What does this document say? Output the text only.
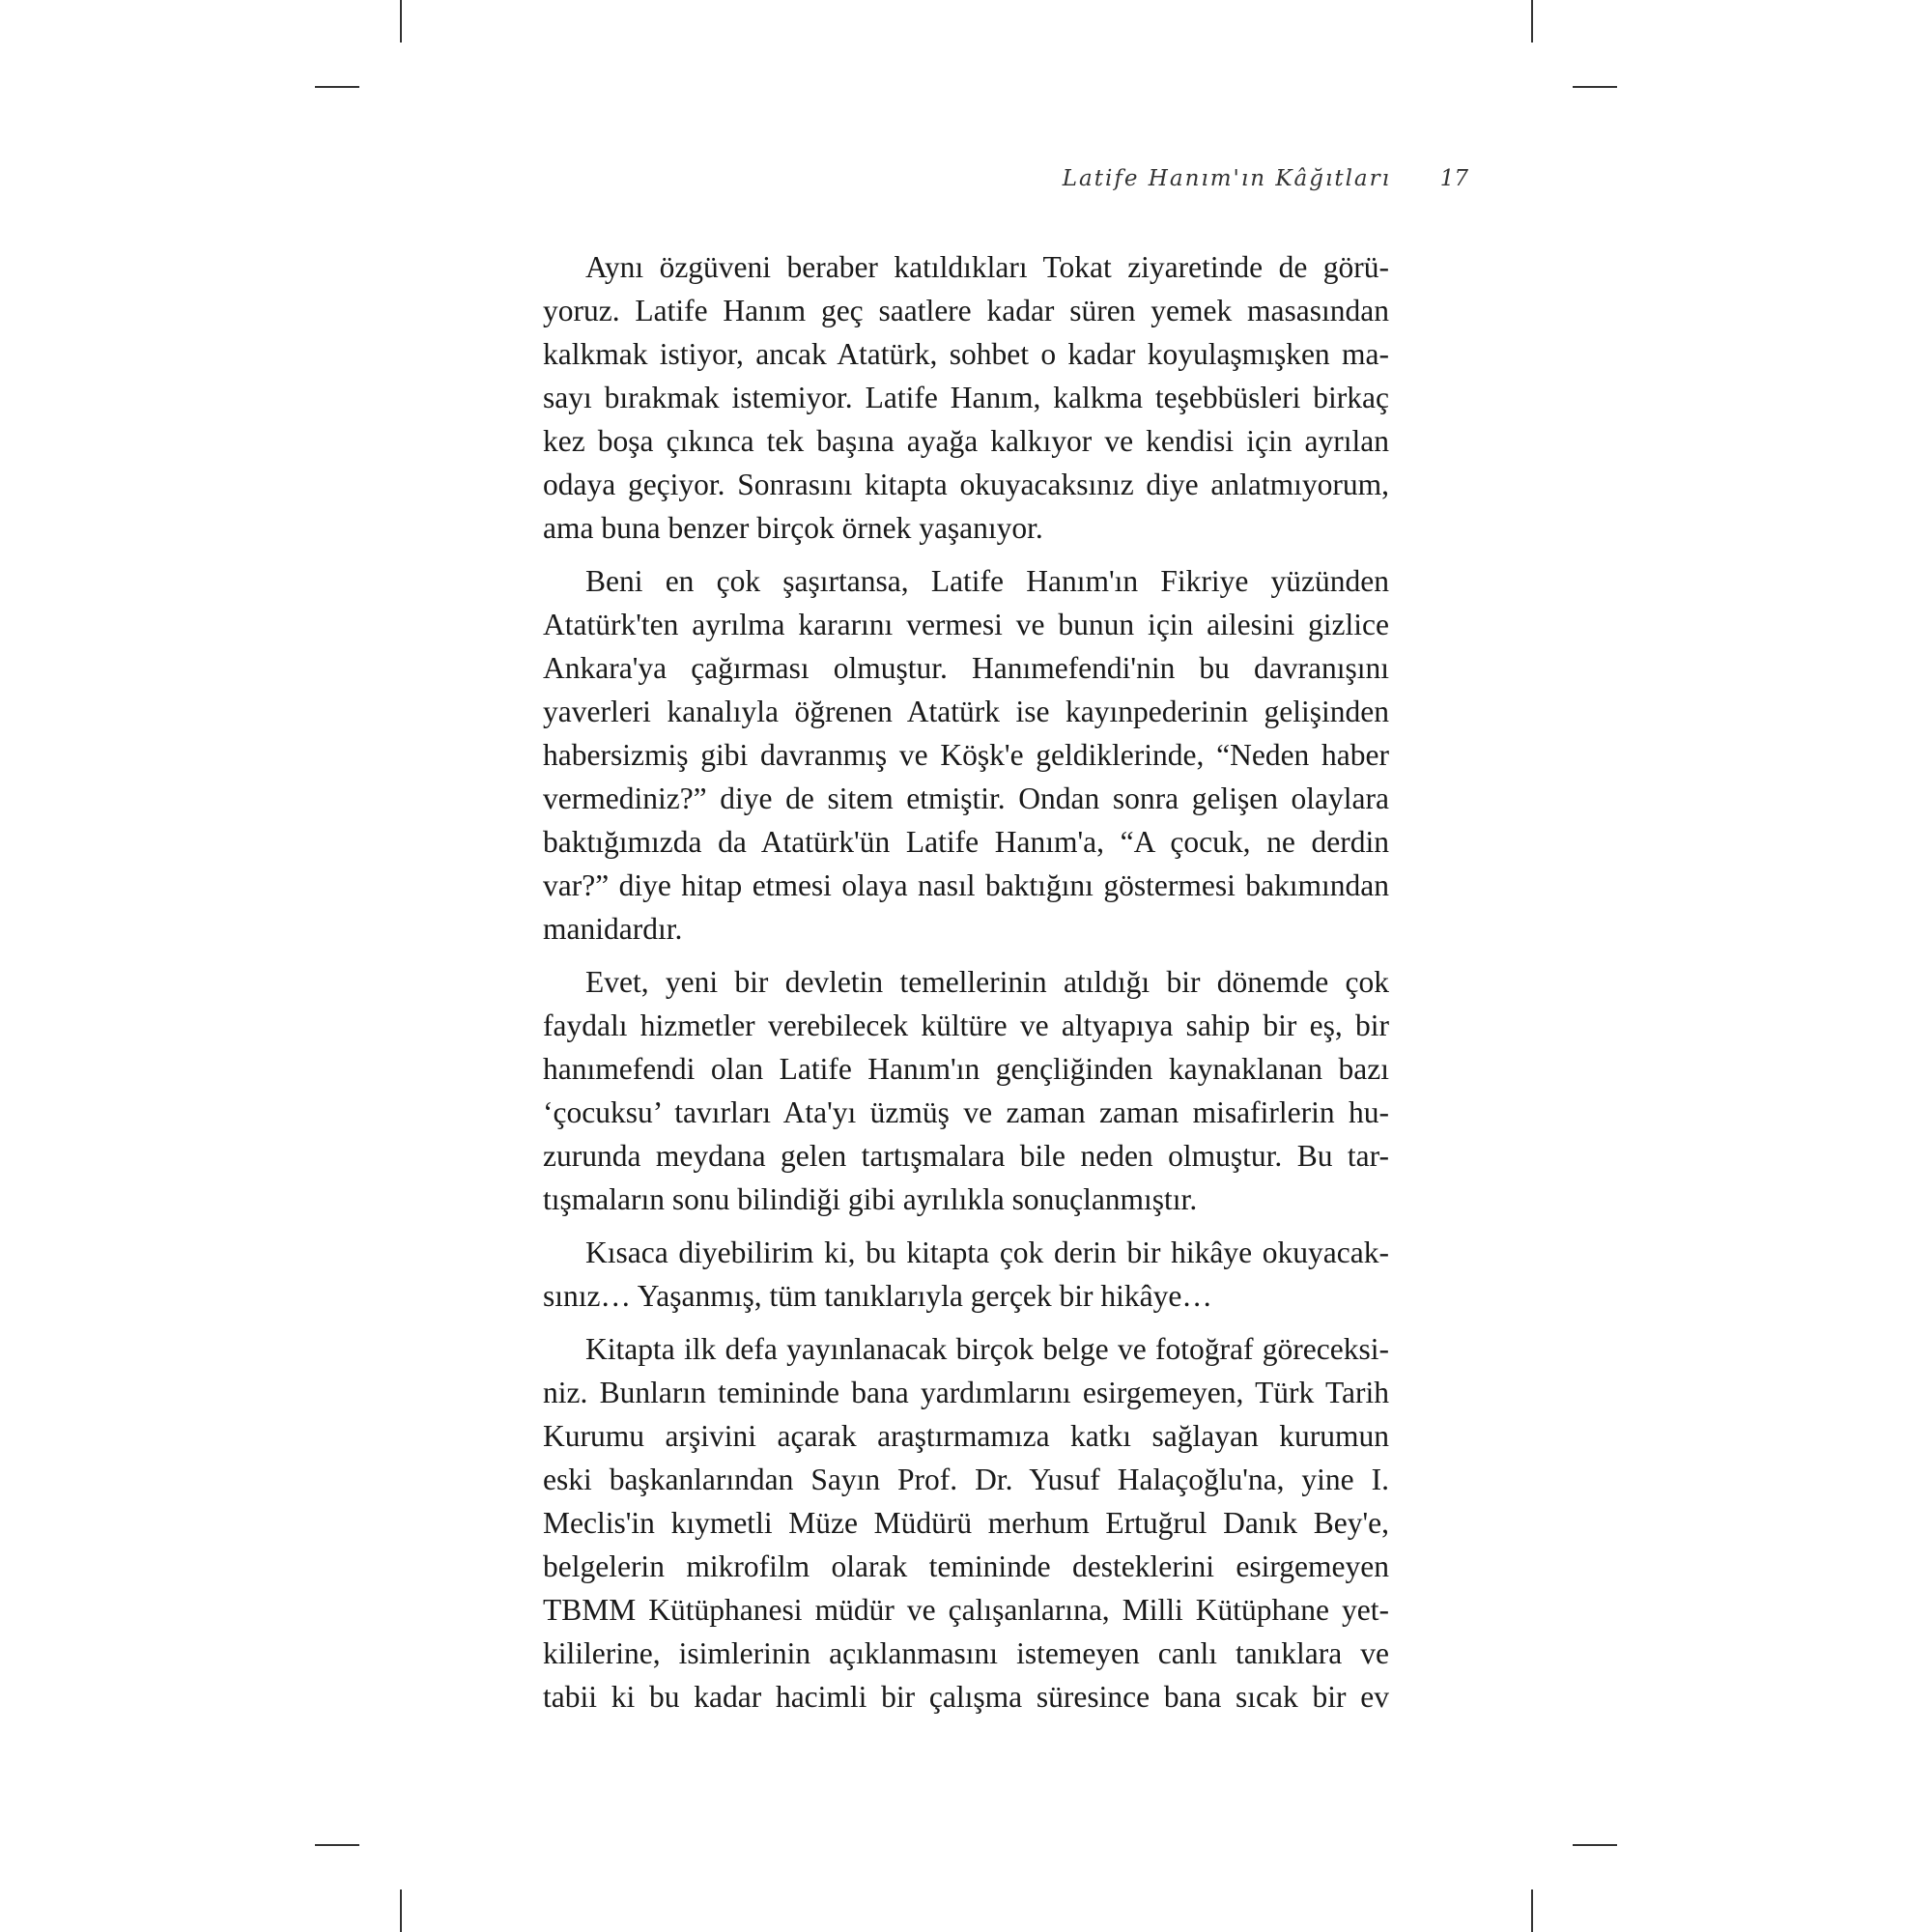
Latife Hanım'ın Kâğıtları 17
Aynı özgüveni beraber katıldıkları Tokat ziyaretinde de görü-
yoruz. Latife Hanım geç saatlere kadar süren yemek masasından
kalkmak istiyor, ancak Atatürk, sohbet o kadar koyulaşmışken ma-
sayı bırakmak istemiyor. Latife Hanım, kalkma teşebbüsleri birkaç
kez boşa çıkınca tek başına ayağa kalkıyor ve kendisi için ayrılan
odaya geçiyor. Sonrasını kitapta okuyacaksınız diye anlatmıyorum,
ama buna benzer birçok örnek yaşanıyor.
Beni en çok şaşırtansa, Latife Hanım'ın Fikriye yüzünden
Atatürk'ten ayrılma kararını vermesi ve bunun için ailesini gizlice
Ankara'ya çağırması olmuştur. Hanımefendi'nin bu davranışını
yaverleri kanalıyla öğrenen Atatürk ise kayınpederinin gelişinden
habersizmiş gibi davranmış ve Köşk'e geldiklerinde, “Neden haber
vermediniz?” diye de sitem etmiştir. Ondan sonra gelişen olaylara
baktığımızda da Atatürk'ün Latife Hanım'a, “A çocuk, ne derdin
var?” diye hitap etmesi olaya nasıl baktığını göstermesi bakımından
manidardır.
Evet, yeni bir devletin temellerinin atıldığı bir dönemde çok
faydalı hizmetler verebilecek kültüre ve altyapıya sahip bir eş, bir
hanımefendi olan Latife Hanım'ın gençliğinden kaynaklanan bazı
‘çocuksu’ tavırları Ata'yı üzmüş ve zaman zaman misafirlerin hu-
zurunda meydana gelen tartışmalara bile neden olmuştur. Bu tar-
tışmaların sonu bilindiği gibi ayrılıkla sonuçlanmıştır.
Kısaca diyebilirim ki, bu kitapta çok derin bir hikâye okuyacak-
sınız… Yaşanmış, tüm tanıklarıyla gerçek bir hikâye…
Kitapta ilk defa yayınlanacak birçok belge ve fotoğraf göreceksi-
niz. Bunların temininde bana yardımlarını esirgemeyen, Türk Tarih
Kurumu arşivini açarak araştırmamıza katkı sağlayan kurumun
eski başkanlarından Sayın Prof. Dr. Yusuf Halaçoğlu'na, yine I.
Meclis'in kıymetli Müze Müdürü merhum Ertuğrul Danık Bey'e,
belgelerin mikrofilm olarak temininde desteklerini esirgemeyen
TBMM Kütüphanesi müdür ve çalışanlarına, Milli Kütüphane yet-
kililerine, isimlerinin açıklanmasını istemeyen canlı tanıklara ve
tabii ki bu kadar hacimli bir çalışma süresince bana sıcak bir ev
